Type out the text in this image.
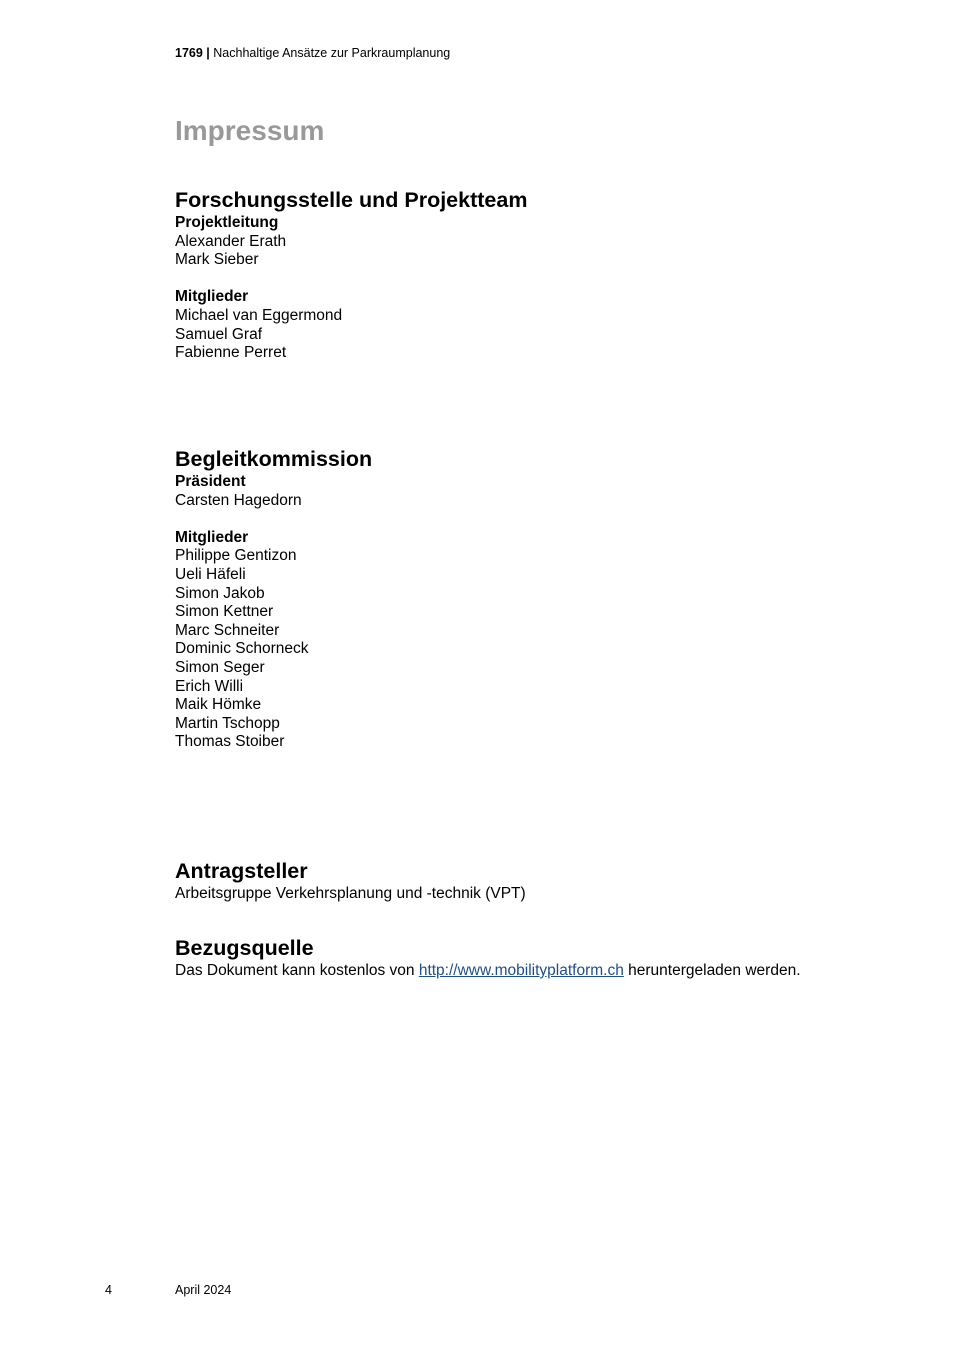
1769 | Nachhaltige Ansätze zur Parkraumplanung
Impressum
Forschungsstelle und Projektteam
Projektleitung
Alexander Erath
Mark Sieber
Mitglieder
Michael van Eggermond
Samuel Graf
Fabienne Perret
Begleitkommission
Präsident
Carsten Hagedorn
Mitglieder
Philippe Gentizon
Ueli Häfeli
Simon Jakob
Simon Kettner
Marc Schneiter
Dominic Schorneck
Simon Seger
Erich Willi
Maik Hömke
Martin Tschopp
Thomas Stoiber
Antragsteller
Arbeitsgruppe Verkehrsplanung und -technik (VPT)
Bezugsquelle
Das Dokument kann kostenlos von http://www.mobilityplatform.ch heruntergeladen werden.
4	April 2024
